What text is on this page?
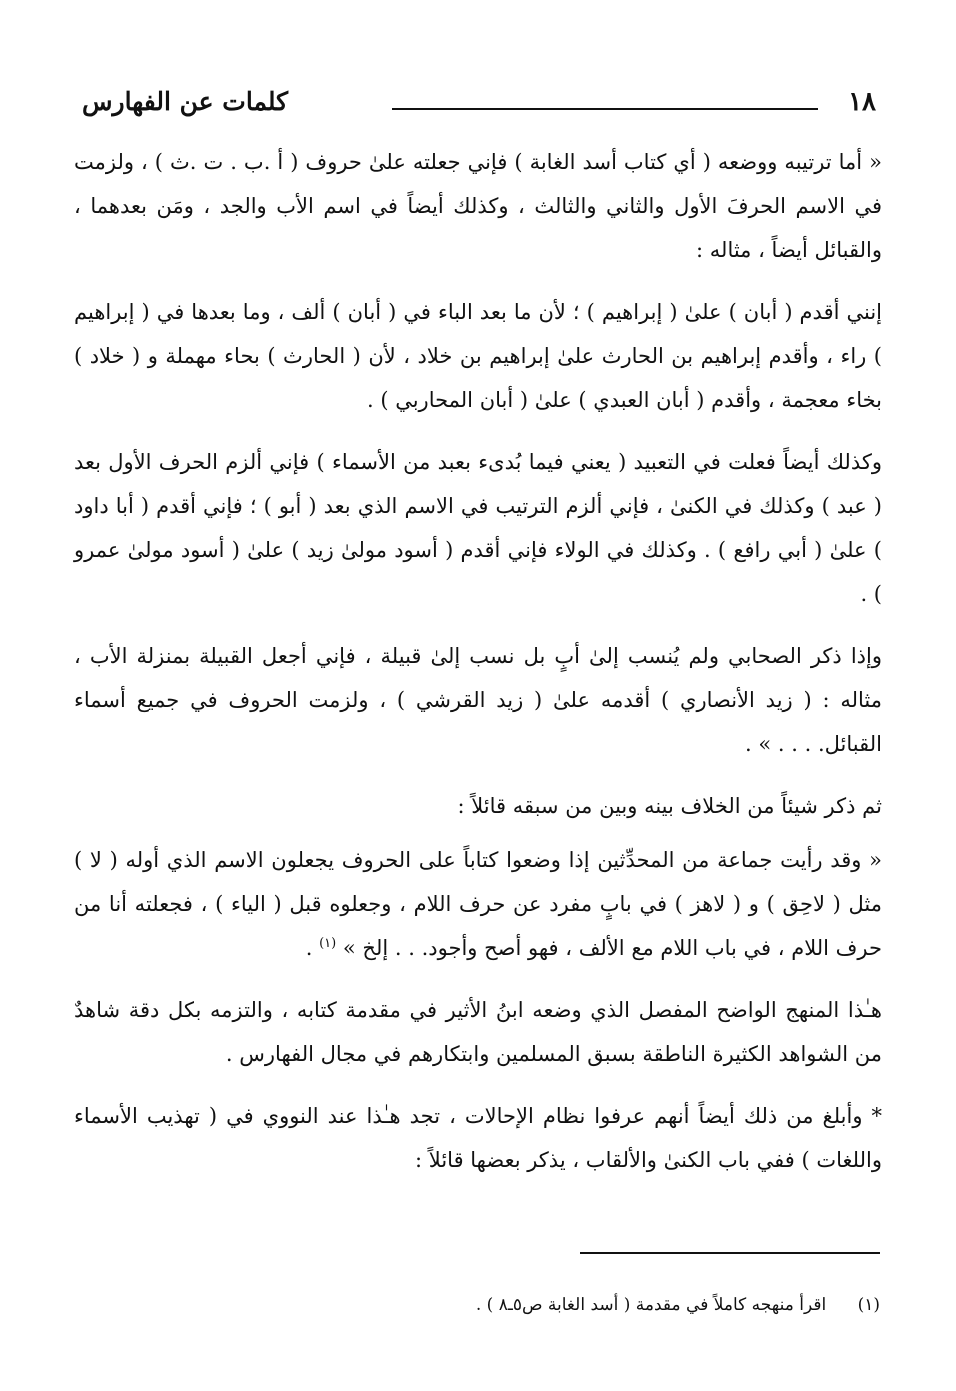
١٨
كلمات عن الفهارس

« أما ترتيبه ووضعه ( أي كتاب أسد الغابة ) فإني جعلته علىٰ حروف ( أ .ب . ت .ث ) ، ولزمت في الاسم الحرفَ الأول والثاني والثالث ، وكذلك أيضاً في اسم الأب والجد ، ومَن بعدهما ، والقبائل أيضاً ، مثاله :

إنني أقدم ( أبان ) علىٰ ( إبراهيم ) ؛ لأن ما بعد الباء في ( أبان ) ألف ، وما بعدها في ( إبراهيم ) راء ، وأقدم إبراهيم بن الحارث علىٰ إبراهيم بن خلاد ، لأن ( الحارث ) بحاء مهملة و ( خلاد ) بخاء معجمة ، وأقدم ( أبان العبدي ) علىٰ ( أبان المحاربي ) .

وكذلك أيضاً فعلت في التعبيد ( يعني فيما بُدىء بعبد من الأسماء ) فإني ألزم الحرف الأول بعد ( عبد ) وكذلك في الكنىٰ ، فإني ألزم الترتيب في الاسم الذي بعد ( أبو ) ؛ فإني أقدم ( أبا داود ) علىٰ ( أبي رافع ) . وكذلك في الولاء فإني أقدم ( أسود مولىٰ زيد ) علىٰ ( أسود مولىٰ عمرو ) .

وإذا ذكر الصحابي ولم يُنسب إلىٰ أبٍ بل نسب إلىٰ قبيلة ، فإني أجعل القبيلة بمنزلة الأب ، مثاله : ( زيد الأنصاري ) أقدمه علىٰ ( زيد القرشي ) ، ولزمت الحروف في جميع أسماء القبائل. . . . » .

ثم ذكر شيئاً من الخلاف بينه وبين من سبقه قائلاً :

« وقد رأيت جماعة من المحدِّثين إذا وضعوا كتاباً على الحروف يجعلون الاسم الذي أوله ( لا ) مثل ( لاحِق ) و ( لاهز ) في بابٍ مفرد عن حرف اللام ، وجعلوه قبل ( الياء ) ، فجعلته أنا من حرف اللام ، في باب اللام مع الألف ، فهو أصح وأجود. . . إلخ » $^{(١)}$ .

هـٰذا المنهج الواضح المفصل الذي وضعه ابنُ الأثير في مقدمة كتابه ، والتزمه بكل دقة شاهدٌ من الشواهد الكثيرة الناطقة بسبق المسلمين وابتكارهم في مجال الفهارس .

* وأبلغ من ذلك أيضاً أنهم عرفوا نظام الإحالات ، تجد هـٰذا عند النووي في ( تهذيب الأسماء واللغات ) ففي باب الكنىٰ والألقاب ، يذكر بعضها قائلاً :

(١) اقرأ منهجه كاملاً في مقدمة ( أسد الغابة ص٥ـ٨ ) .
